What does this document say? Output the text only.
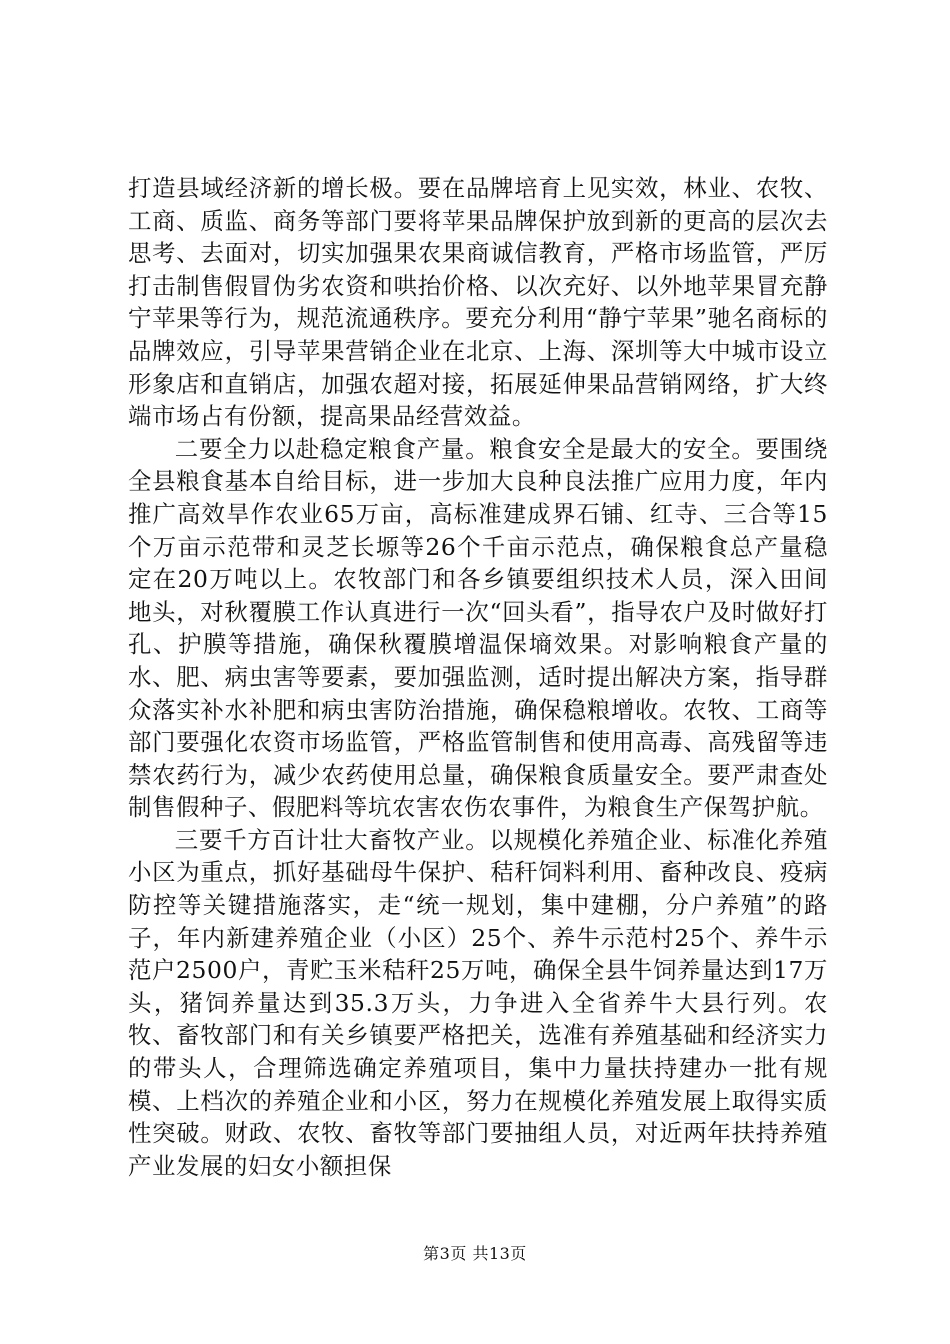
打造县域经济新的增长极。要在品牌培育上见实效，林业、农牧、工商、质监、商务等部门要将苹果品牌保护放到新的更高的层次去思考、去面对，切实加强果农果商诚信教育，严格市场监管，严厉打击制售假冒伪劣农资和哄抬价格、以次充好、以外地苹果冒充静宁苹果等行为，规范流通秩序。要充分利用“静宁苹果”驰名商标的品牌效应，引导苹果营销企业在北京、上海、深圳等大中城市设立形象店和直销店，加强农超对接，拓展延伸果品营销网络，扩大终端市场占有份额，提高果品经营效益。

二要全力以赴稳定粮食产量。粮食安全是最大的安全。要围绕全县粮食基本自给目标，进一步加大良种良法推广应用力度，年内推广高效旱作农业65万亩，高标准建成界石铺、红寺、三合等15个万亩示范带和灵芝长塬等26个千亩示范点，确保粮食总产量稳定在20万吨以上。农牧部门和各乡镇要组织技术人员，深入田间地头，对秋覆膜工作认真进行一次“回头看”，指导农户及时做好打孔、护膜等措施，确保秋覆膜增温保墒效果。对影响粮食产量的水、肥、病虫害等要素，要加强监测，适时提出解决方案，指导群众落实补水补肥和病虫害防治措施，确保稳粮增收。农牧、工商等部门要强化农资市场监管，严格监管制售和使用高毒、高残留等违禁农药行为，减少农药使用总量，确保粮食质量安全。要严肃查处制售假种子、假肥料等坑农害农伤农事件，为粮食生产保驾护航。

三要千方百计壮大畜牧产业。以规模化养殖企业、标准化养殖小区为重点，抓好基础母牛保护、秸秆饲料利用、畜种改良、疫病防控等关键措施落实，走“统一规划，集中建棚，分户养殖”的路子，年内新建养殖企业（小区）25个、养牛示范村25个、养牛示范户2500户，青贮玉米秸秆25万吨，确保全县牛饲养量达到17万头，猪饲养量达到35.3万头，力争进入全省养牛大县行列。农牧、畜牧部门和有关乡镇要严格把关，选准有养殖基础和经济实力的带头人，合理筛选确定养殖项目，集中力量扶持建办一批有规模、上档次的养殖企业和小区，努力在规模化养殖发展上取得实质性突破。财政、农牧、畜牧等部门要抽组人员，对近两年扶持养殖产业发展的妇女小额担保

第3页 共13页
